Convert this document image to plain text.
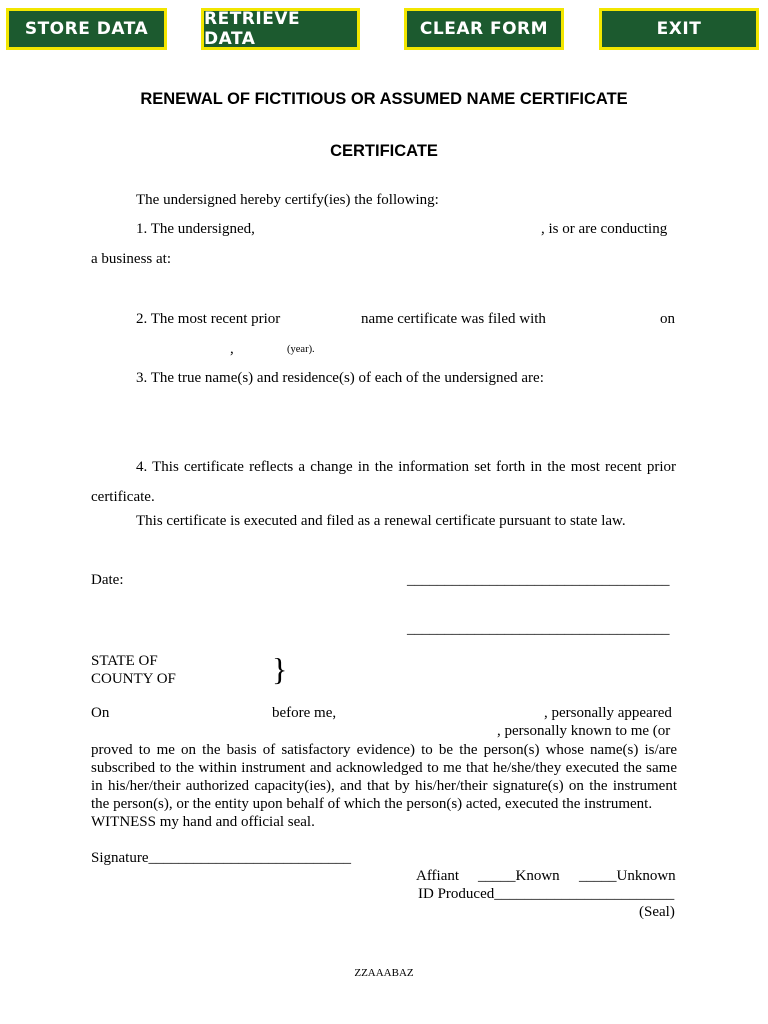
STORE DATA	RETRIEVE DATA	CLEAR FORM	EXIT
RENEWAL OF FICTITIOUS OR ASSUMED NAME CERTIFICATE
CERTIFICATE
The undersigned hereby certify(ies) the following:
1. The undersigned,	, is or are conducting
a business at:
2. The most recent prior	name certificate was filed with	on
,	(year).
3. The true name(s) and residence(s) of each of the undersigned are:
4. This certificate reflects a change in the information set forth in the most recent prior
certificate.
This certificate is executed and filed as a renewal certificate pursuant to state law.
Date:	___________________________________
___________________________________
STATE OF
COUNTY OF	}
On	before me,	, personally appeared
, personally known to me (or
proved to me on the basis of satisfactory evidence) to be the person(s) whose name(s) is/are
subscribed to the within instrument and acknowledged to me that he/she/they executed the same
in his/her/their authorized capacity(ies), and that by his/her/their signature(s) on the instrument
the person(s), or the entity upon behalf of which the person(s) acted, executed the instrument.
WITNESS my hand and official seal.
Signature___________________________
Affiant _____Known _____Unknown
ID Produced________________________
(Seal)
ZZAAABAZ
